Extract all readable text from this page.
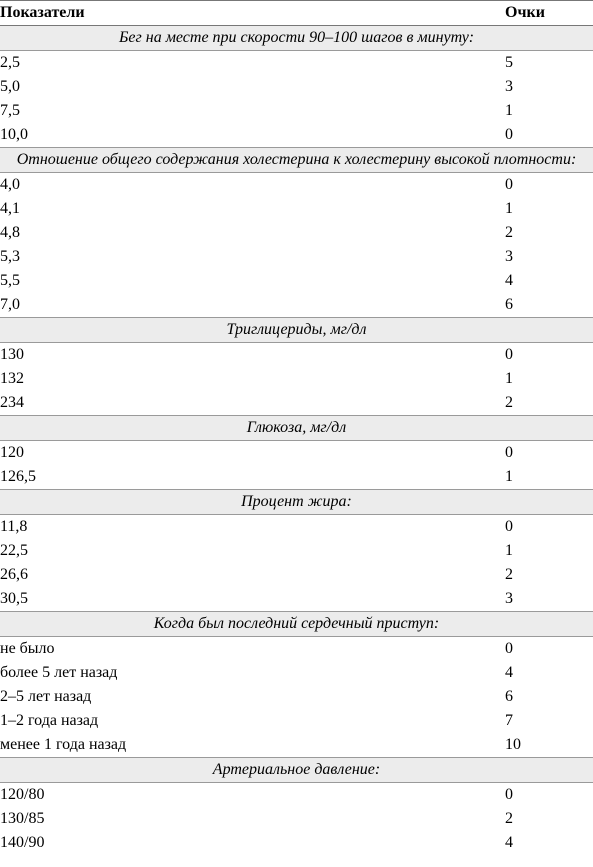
Показатели	Очки
Бег на месте при скорости 90–100 шагов в минуту:	
2,5	5
5,0	3
7,5	1
10,0	0
Отношение общего содержания холестерина к холестерину высокой плотности:	
4,0	0
4,1	1
4,8	2
5,3	3
5,5	4
7,0	6
Триглицериды, мг/дл	
130	0
132	1
234	2
Глюкоза, мг/дл	
120	0
126,5	1
Процент жира:	
11,8	0
22,5	1
26,6	2
30,5	3
Когда был последний сердечный приступ:	
не было	0
более 5 лет назад	4
2–5 лет назад	6
1–2 года назад	7
менее 1 года назад	10
Артериальное давление:	
120/80	0
130/85	2
140/90	4
